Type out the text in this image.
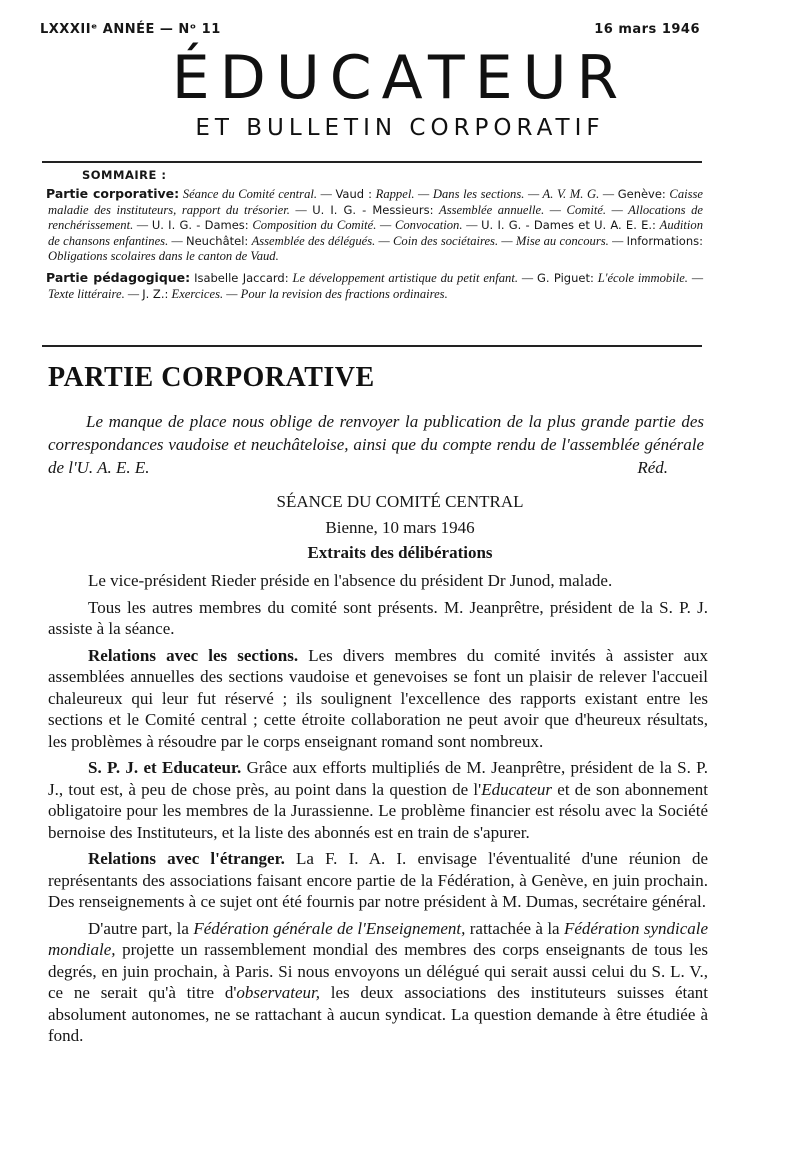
LXXXIIᵉ ANNÉE — Nᵒ 11	16 mars 1946
ÉDUCATEUR
ET BULLETIN CORPORATIF
SOMMAIRE :

Partie corporative: Séance du Comité central. — Vaud : Rappel. — Dans les sections. — A. V. M. G. — Genève: Caisse maladie des instituteurs, rapport du trésorier. — U. I. G. - Messieurs: Assemblée annuelle. — Comité. — Allocations de renchérissement. — U. I. G. - Dames: Composition du Comité. — Convocation. — U. I. G. - Dames et U. A. E. E.: Audition de chansons enfantines. — Neuchâtel: Assemblée des délégués. — Coin des sociétaires. — Mise au concours. — Informations: Obligations scolaires dans le canton de Vaud.

Partie pédagogique: Isabelle Jaccard: Le développement artistique du petit enfant. — G. Piguet: L'école immobile. — Texte littéraire. — J. Z.: Exercices. — Pour la revision des fractions ordinaires.

PARTIE CORPORATIVE
Le manque de place nous oblige de renvoyer la publication de la plus grande partie des correspondances vaudoise et neuchâteloise, ainsi que du compte rendu de l'assemblée générale de l'U. A. E. E.	Réd.
SÉANCE DU COMITÉ CENTRAL
Bienne, 10 mars 1946
Extraits des délibérations

Le vice-président Rieder préside en l'absence du président Dr Junod, malade.

Tous les autres membres du comité sont présents. M. Jeanprêtre, président de la S. P. J. assiste à la séance.

Relations avec les sections. Les divers membres du comité invités à assister aux assemblées annuelles des sections vaudoise et genevoises se font un plaisir de relever l'accueil chaleureux qui leur fut réservé ; ils soulignent l'excellence des rapports existant entre les sections et le Comité central ; cette étroite collaboration ne peut avoir que d'heureux résultats, les problèmes à résoudre par le corps enseignant romand sont nombreux.

S. P. J. et Educateur. Grâce aux efforts multipliés de M. Jeanprêtre, président de la S. P. J., tout est, à peu de chose près, au point dans la question de l'Educateur et de son abonnement obligatoire pour les membres de la Jurassienne. Le problème financier est résolu avec la Société bernoise des Instituteurs, et la liste des abonnés est en train de s'apurer.

Relations avec l'étranger. La F. I. A. I. envisage l'éventualité d'une réunion de représentants des associations faisant encore partie de la Fédération, à Genève, en juin prochain. Des renseignements à ce sujet ont été fournis par notre président à M. Dumas, secrétaire général.

D'autre part, la Fédération générale de l'Enseignement, rattachée à la Fédération syndicale mondiale, projette un rassemblement mondial des membres des corps enseignants de tous les degrés, en juin prochain, à Paris. Si nous envoyons un délégué qui serait aussi celui du S. L. V., ce ne serait qu'à titre d'observateur, les deux associations des instituteurs suisses étant absolument autonomes, ne se rattachant à aucun syndicat. La question demande à être étudiée à fond.
